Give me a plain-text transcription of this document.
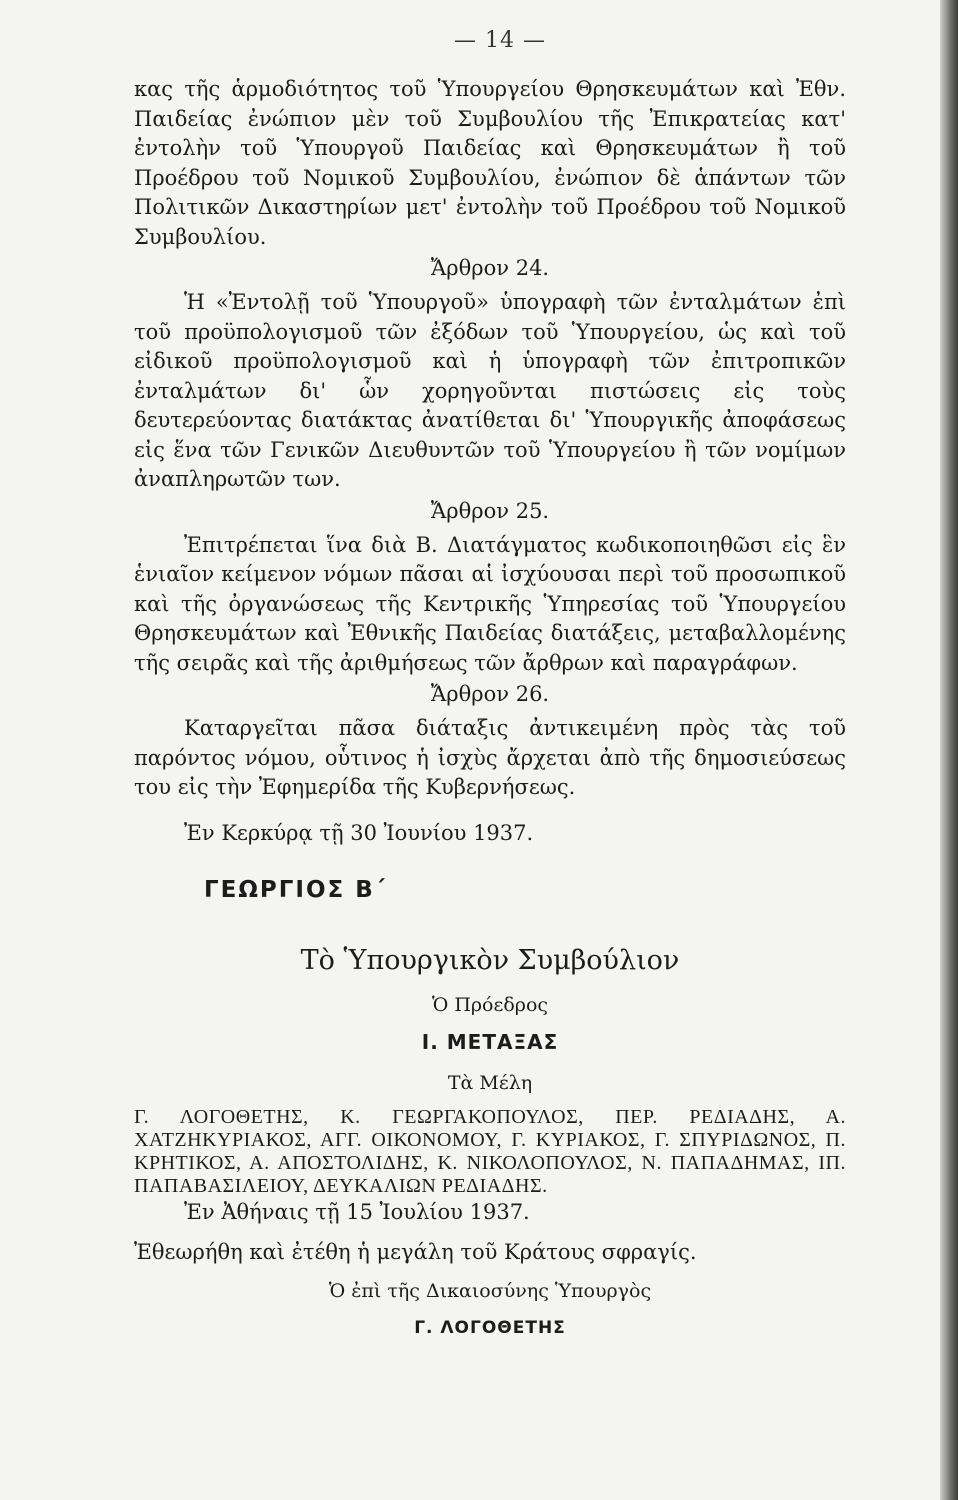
— 14 —

κας τῆς ἁρμοδιότητος τοῦ Ὑπουργείου Θρησκευμάτων καὶ Ἐθν. Παιδείας ἐνώπιον μὲν τοῦ Συμβουλίου τῆς Ἐπικρατείας κατ' ἐντολὴν τοῦ Ὑπουργοῦ Παιδείας καὶ Θρησκευμάτων ἢ τοῦ Προέδρου τοῦ Νομικοῦ Συμβουλίου, ἐνώπιον δὲ ἁπάντων τῶν Πολιτικῶν Δικαστηρίων μετ' ἐντολὴν τοῦ Προέδρου τοῦ Νομικοῦ Συμβουλίου.

Ἄρθρον 24.

Ἡ «Ἐντολῇ τοῦ Ὑπουργοῦ» ὑπογραφὴ τῶν ἐνταλμάτων ἐπὶ τοῦ προϋπολογισμοῦ τῶν ἐξόδων τοῦ Ὑπουργείου, ὡς καὶ τοῦ εἰδικοῦ προϋπολογισμοῦ καὶ ἡ ὑπογραφὴ τῶν ἐπιτροπικῶν ἐνταλμάτων δι' ὧν χορηγοῦνται πιστώσεις εἰς τοὺς δευτερεύοντας διατάκτας ἀνατίθεται δι' Ὑπουργικῆς ἀποφάσεως εἰς ἕνα τῶν Γενικῶν Διευθυντῶν τοῦ Ὑπουργείου ἢ τῶν νομίμων ἀναπληρωτῶν των.

Ἄρθρον 25.

Ἐπιτρέπεται ἵνα διὰ Β. Διατάγματος κωδικοποιηθῶσι εἰς ἓν ἑνιαῖον κείμενον νόμων πᾶσαι αἱ ἰσχύουσαι περὶ τοῦ προσωπικοῦ καὶ τῆς ὀργανώσεως τῆς Κεντρικῆς Ὑπηρεσίας τοῦ Ὑπουργείου Θρησκευμάτων καὶ Ἐθνικῆς Παιδείας διατάξεις, μεταβαλλομένης τῆς σειρᾶς καὶ τῆς ἀριθμήσεως τῶν ἄρθρων καὶ παραγράφων.

Ἄρθρον 26.

Καταργεῖται πᾶσα διάταξις ἀντικειμένη πρὸς τὰς τοῦ παρόντος νόμου, οὗτινος ἡ ἰσχὺς ἄρχεται ἀπὸ τῆς δημοσιεύσεως του εἰς τὴν Ἐφημερίδα τῆς Κυβερνήσεως.

Ἐν Κερκύρᾳ τῇ 30 Ἰουνίου 1937.
ΓΕΩΡΓΙΟΣ Β΄
Τὸ Ὑπουργικὸν Συμβούλιον
Ὁ Πρόεδρος
Ι. ΜΕΤΑΞΑΣ
Τὰ Μέλη

Γ. ΛΟΓΟΘΕΤΗΣ, Κ. ΓΕΩΡΓΑΚΟΠΟΥΛΟΣ, ΠΕΡ. ΡΕΔΙΑΔΗΣ, Α. ΧΑΤΖΗΚΥΡΙΑΚΟΣ, ΑΓΓ. ΟΙΚΟΝΟΜΟΥ, Γ. ΚΥΡΙΑΚΟΣ, Γ. ΣΠΥΡΙΔΩΝΟΣ, Π. ΚΡΗΤΙΚΟΣ, Α. ΑΠΟΣΤΟΛΙΔΗΣ, Κ. ΝΙΚΟΛΟΠΟΥΛΟΣ, Ν. ΠΑΠΑΔΗΜΑΣ, ΙΠ. ΠΑΠΑΒΑΣΙΛΕΙΟΥ, ΔΕΥΚΑΛΙΩΝ ΡΕΔΙΑΔΗΣ.

Ἐν Ἀθήναις τῇ 15 Ἰουλίου 1937.
Ἐθεωρήθη καὶ ἐτέθη ἡ μεγάλη τοῦ Κράτους σφραγίς.
Ὁ ἐπὶ τῆς Δικαιοσύνης Ὑπουργὸς
Γ. ΛΟΓΟΘΕΤΗΣ
